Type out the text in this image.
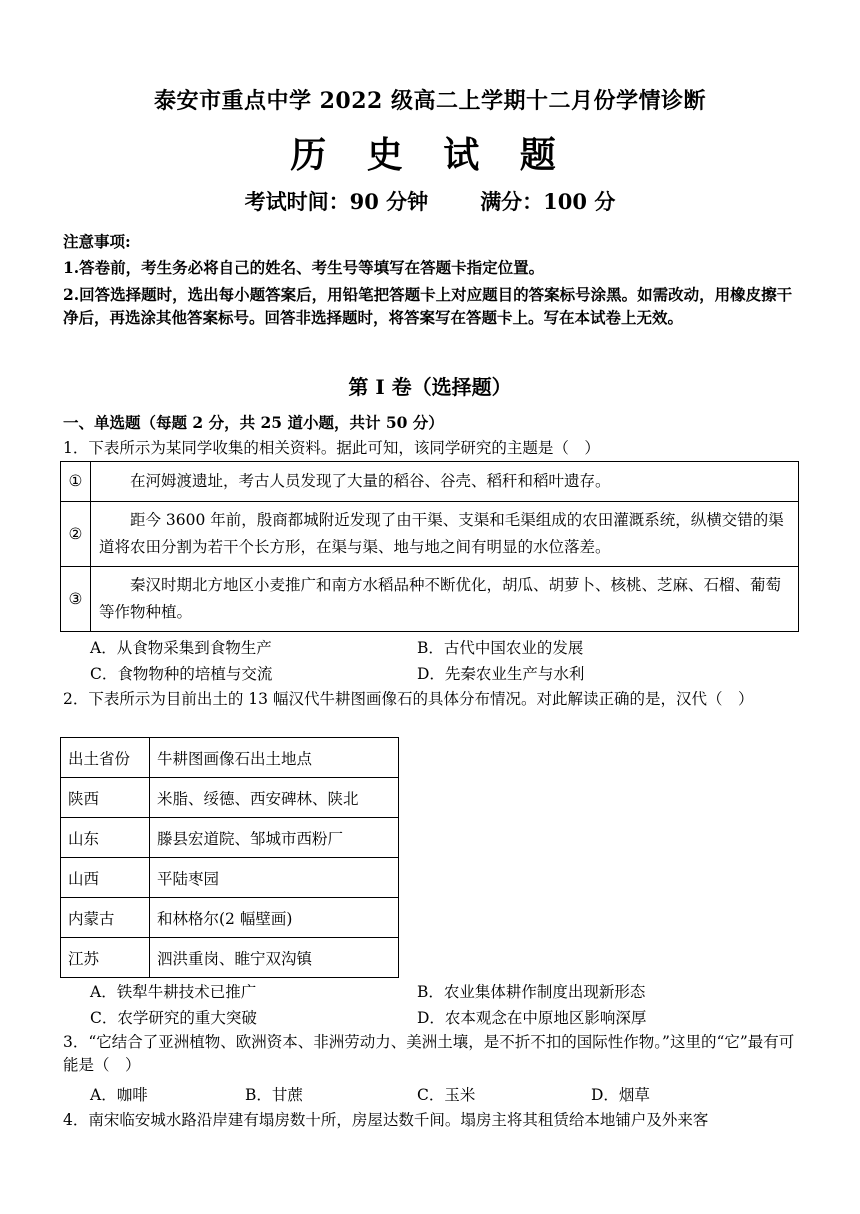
泰安市重点中学 2022 级高二上学期十二月份学情诊断
历 史 试 题
考试时间：90 分钟 满分：100 分
注意事项:
1.答卷前，考生务必将自己的姓名、考生号等填写在答题卡指定位置。
2.回答选择题时，选出每小题答案后，用铅笔把答题卡上对应题目的答案标号涂黑。如需改动，用橡皮擦干净后，再选涂其他答案标号。回答非选择题时，将答案写在答题卡上。写在本试卷上无效。
第 I 卷（选择题）
一、单选题（每题 2 分，共 25 道小题，共计 50 分）
1．下表所示为某同学收集的相关资料。据此可知，该同学研究的主题是（　）
①	在河姆渡遗址，考古人员发现了大量的稻谷、谷壳、稻秆和稻叶遗存。
②	距今 3600 年前，殷商都城附近发现了由干渠、支渠和毛渠组成的农田灌溉系统，纵横交错的渠道将农田分割为若干个长方形，在渠与渠、地与地之间有明显的水位落差。
③	秦汉时期北方地区小麦推广和南方水稻品种不断优化，胡瓜、胡萝卜、核桃、芝麻、石榴、葡萄等作物种植。
A．从食物采集到食物生产	B．古代中国农业的发展
C．食物物种的培植与交流	D．先秦农业生产与水利
2．下表所示为目前出土的 13 幅汉代牛耕图画像石的具体分布情况。对此解读正确的是，汉代（　）
出土省份	牛耕图画像石出土地点
陕西	米脂、绥德、西安碑林、陕北
山东	滕县宏道院、邹城市西粉厂
山西	平陆枣园
内蒙古	和林格尔(2 幅壁画)
江苏	泗洪重岗、睢宁双沟镇
A．铁犁牛耕技术已推广	B．农业集体耕作制度出现新形态
C．农学研究的重大突破	D．农本观念在中原地区影响深厚
3．“它结合了亚洲植物、欧洲资本、非洲劳动力、美洲土壤，是不折不扣的国际性作物。”这里的“它”最有可能是（　）
A．咖啡	B．甘蔗	C．玉米	D．烟草
4．南宋临安城水路沿岸建有塌房数十所，房屋达数千间。塌房主将其租赁给本地铺户及外来客
